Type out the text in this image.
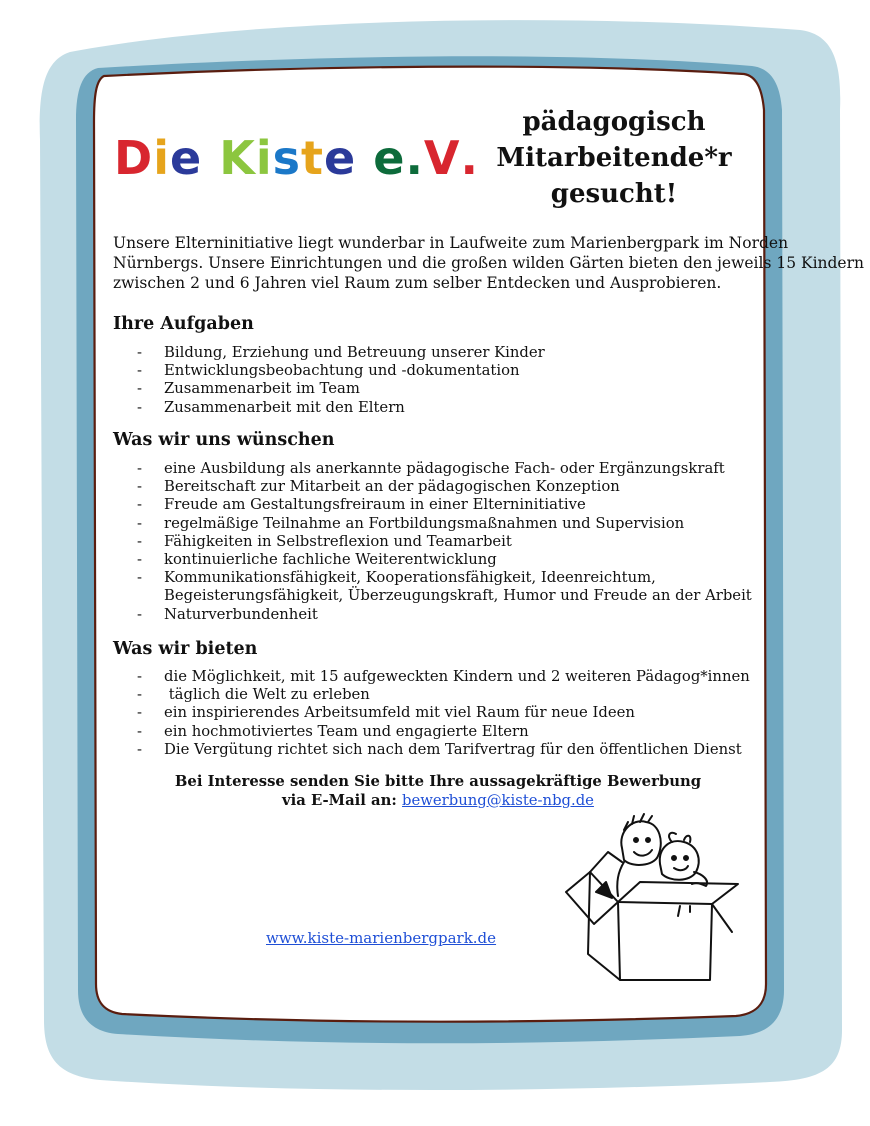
Die Kiste e.V.
pädagogisch
Mitarbeitende*r
gesucht!
Unsere Elterninitiative liegt wunderbar in Laufweite zum Marienbergpark im Norden
Nürnbergs. Unsere Einrichtungen und die großen wilden Gärten bieten den jeweils 15 Kindern
zwischen 2 und 6 Jahren viel Raum zum selber Entdecken und Ausprobieren.
Ihre Aufgaben
- Bildung, Erziehung und Betreuung unserer Kinder
- Entwicklungsbeobachtung und -dokumentation
- Zusammenarbeit im Team
- Zusammenarbeit mit den Eltern
Was wir uns wünschen
- eine Ausbildung als anerkannte pädagogische Fach- oder Ergänzungskraft
- Bereitschaft zur Mitarbeit an der pädagogischen Konzeption
- Freude am Gestaltungsfreiraum in einer Elterninitiative
- regelmäßige Teilnahme an Fortbildungsmaßnahmen und Supervision
- Fähigkeiten in Selbstreflexion und Teamarbeit
- kontinuierliche fachliche Weiterentwicklung
- Kommunikationsfähigkeit, Kooperationsfähigkeit, Ideenreichtum,
Begeisterungsfähigkeit, Überzeugungskraft, Humor und Freude an der Arbeit
- Naturverbundenheit
Was wir bieten
- die Möglichkeit, mit 15 aufgeweckten Kindern und 2 weiteren Pädagog*innen
-  täglich die Welt zu erleben
- ein inspirierendes Arbeitsumfeld mit viel Raum für neue Ideen
- ein hochmotiviertes Team und engagierte Eltern
- Die Vergütung richtet sich nach dem Tarifvertrag für den öffentlichen Dienst
Bei Interesse senden Sie bitte Ihre aussagekräftige Bewerbung
via E-Mail an: bewerbung@kiste-nbg.de
www.kiste-marienbergpark.de
